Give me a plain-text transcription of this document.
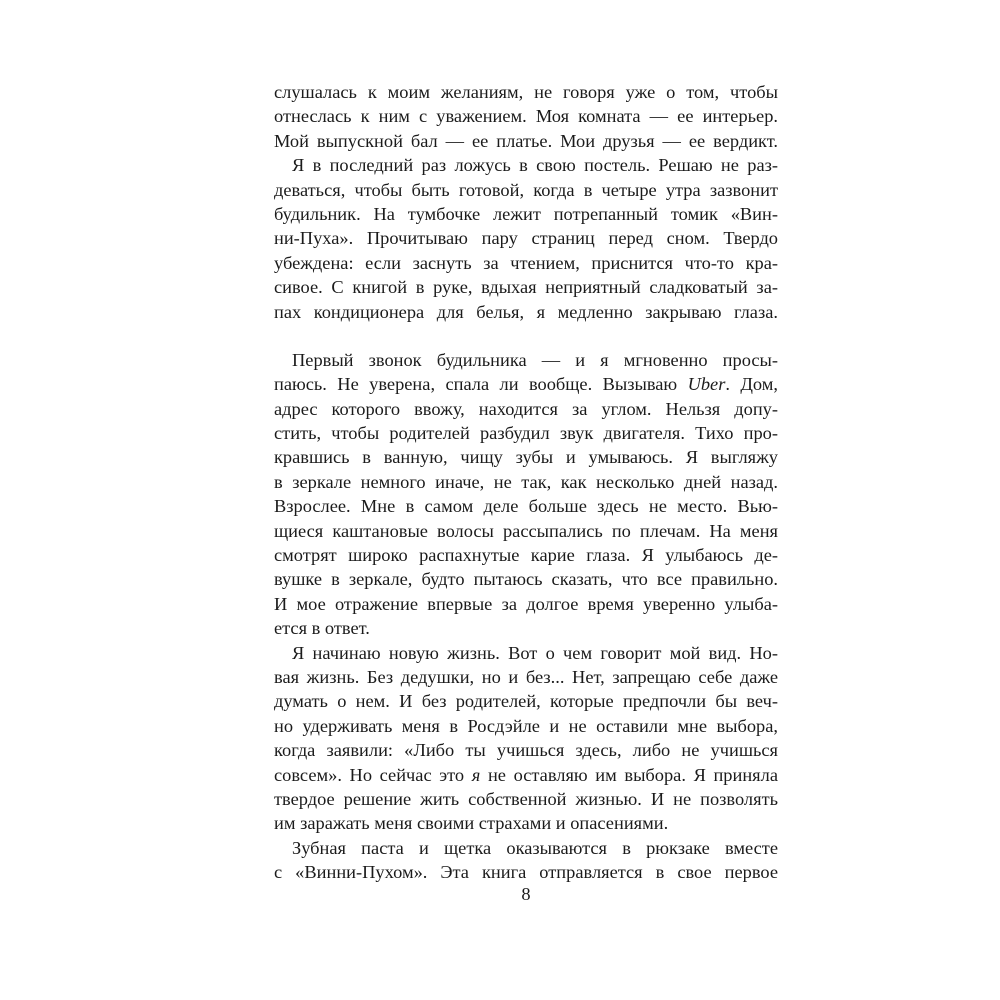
слушалась к моим желаниям, не говоря уже о том, чтобы
отнеслась к ним с уважением. Моя комната — ее интерьер.
Мой выпускной бал — ее платье. Мои друзья — ее вердикт.
Я в последний раз ложусь в свою постель. Решаю не раз-
деваться, чтобы быть готовой, когда в четыре утра зазвонит
будильник. На тумбочке лежит потрепанный томик «Вин-
ни-Пуха». Прочитываю пару страниц перед сном. Твердо
убеждена: если заснуть за чтением, приснится что-то кра-
сивое. С книгой в руке, вдыхая неприятный сладковатый за-
пах кондиционера для белья, я медленно закрываю глаза.
Первый звонок будильника — и я мгновенно просы-
паюсь. Не уверена, спала ли вообще. Вызываю Uber. Дом,
адрес которого ввожу, находится за углом. Нельзя допу-
стить, чтобы родителей разбудил звук двигателя. Тихо про-
кравшись в ванную, чищу зубы и умываюсь. Я выгляжу
в зеркале немного иначе, не так, как несколько дней назад.
Взрослее. Мне в самом деле больше здесь не место. Вью-
щиеся каштановые волосы рассыпались по плечам. На меня
смотрят широко распахнутые карие глаза. Я улыбаюсь де-
вушке в зеркале, будто пытаюсь сказать, что все правильно.
И мое отражение впервые за долгое время уверенно улыба-
ется в ответ.
Я начинаю новую жизнь. Вот о чем говорит мой вид. Но-
вая жизнь. Без дедушки, но и без... Нет, запрещаю себе даже
думать о нем. И без родителей, которые предпочли бы веч-
но удерживать меня в Росдэйле и не оставили мне выбора,
когда заявили: «Либо ты учишься здесь, либо не учишься
совсем». Но сейчас это я не оставляю им выбора. Я приняла
твердое решение жить собственной жизнью. И не позволять
им заражать меня своими страхами и опасениями.
Зубная паста и щетка оказываются в рюкзаке вместе
с «Винни-Пухом». Эта книга отправляется в свое первое
8
